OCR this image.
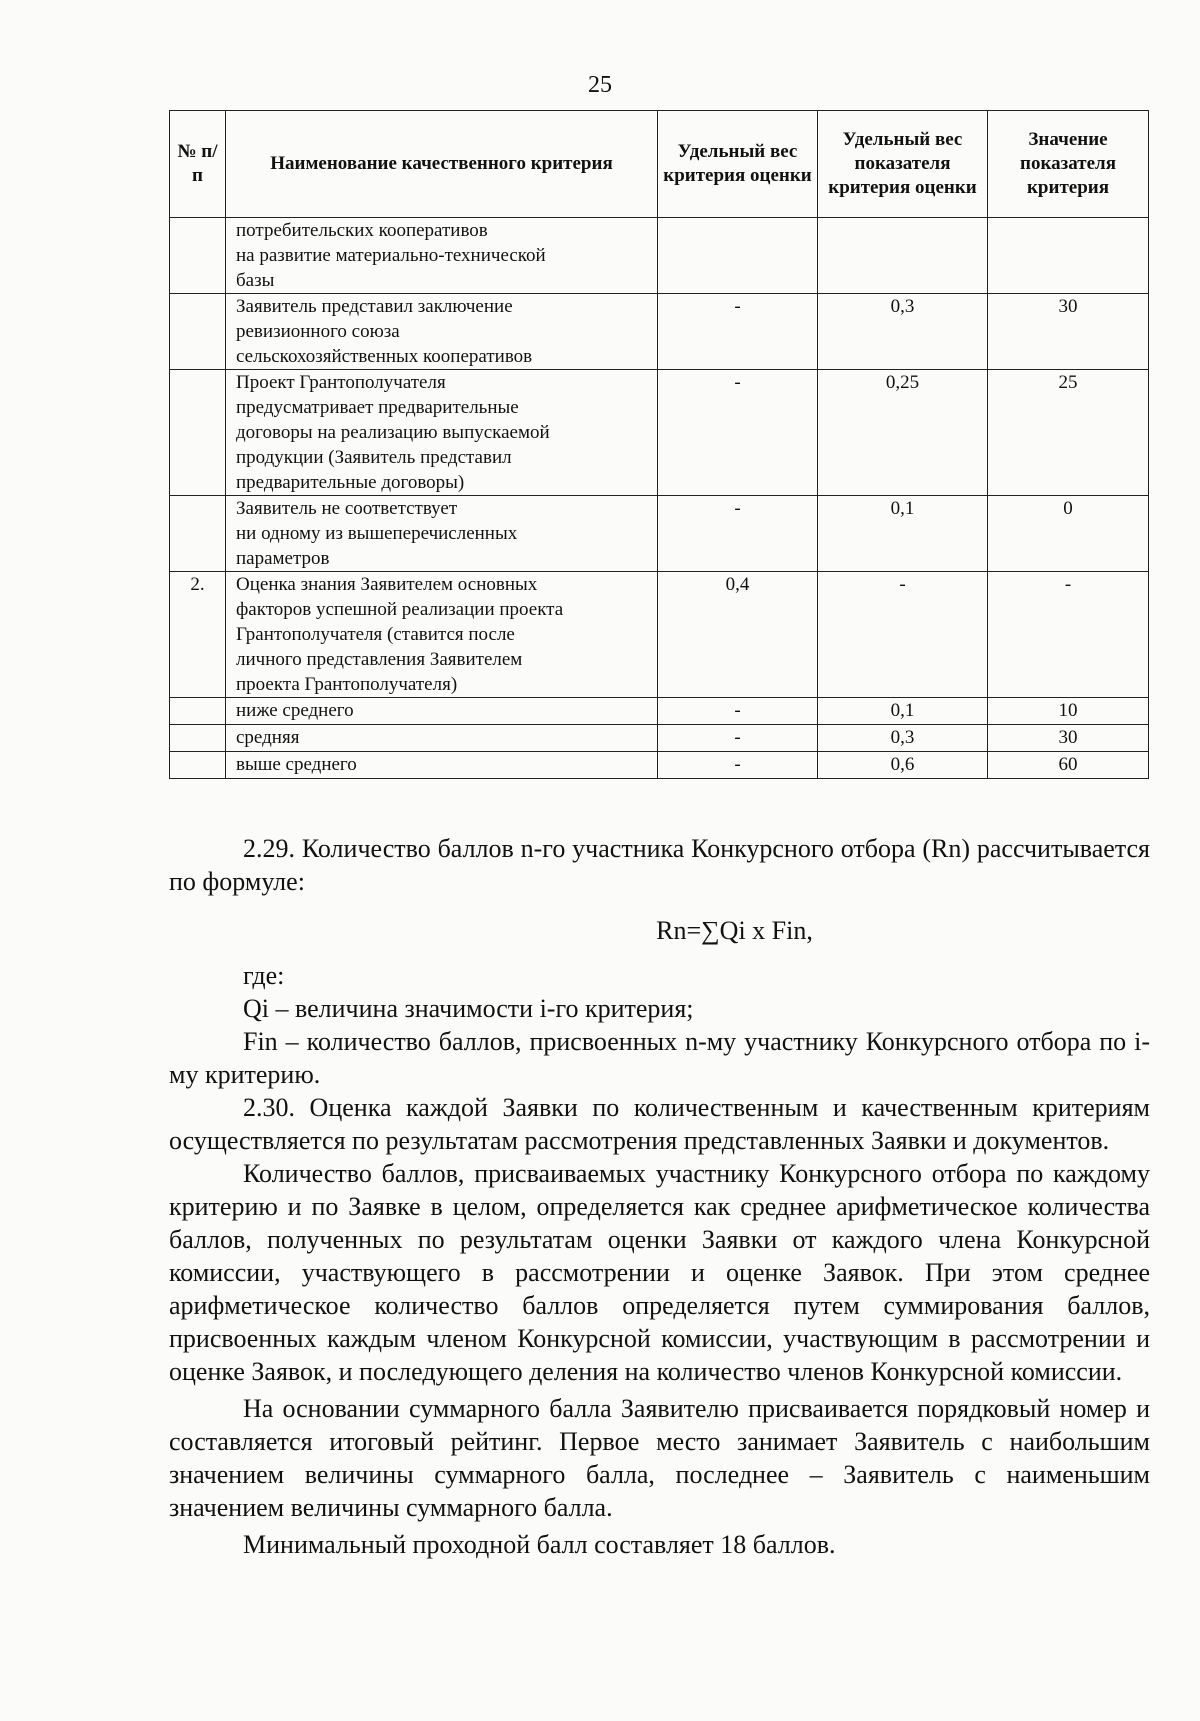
25
№ п/п	Наименование качественного критерия	Удельный вес критерия оценки	Удельный вес показателя критерия оценки	Значение показателя критерия

	потребительских кооперативов
на развитие материально-технической
базы			

	Заявитель представил заключение
ревизионного союза
сельскохозяйственных кооперативов	-	0,3	30

	Проект Грантополучателя
предусматривает предварительные
договоры на реализацию выпускаемой
продукции (Заявитель представил
предварительные договоры)	-	0,25	25

	Заявитель не соответствует
ни одному из вышеперечисленных
параметров	-	0,1	0
2.	Оценка знания Заявителем основных
факторов успешной реализации проекта
Грантополучателя (ставится после
личного представления Заявителем
проекта Грантополучателя)	0,4	-	-

	ниже среднего	-	0,1	10

	средняя	-	0,3	30

	выше среднего	-	0,6	60

2.29. Количество баллов n-го участника Конкурсного отбора (Rn) рассчитывается по формуле:

Rn=∑Qi x Fin,

где:

Qi – величина значимости i-го критерия;

Fin – количество баллов, присвоенных n-му участнику Конкурсного отбора по i-му критерию.

2.30. Оценка каждой Заявки по количественным и качественным критериям осуществляется по результатам рассмотрения представленных Заявки и документов.

Количество баллов, присваиваемых участнику Конкурсного отбора по каждому критерию и по Заявке в целом, определяется как среднее арифметическое количества баллов, полученных по результатам оценки Заявки от каждого члена Конкурсной комиссии, участвующего в рассмотрении и оценке Заявок. При этом среднее арифметическое количество баллов определяется путем суммирования баллов, присвоенных каждым членом Конкурсной комиссии, участвующим в рассмотрении и оценке Заявок, и последующего деления на количество членов Конкурсной комиссии.

На основании суммарного балла Заявителю присваивается порядковый номер и составляется итоговый рейтинг. Первое место занимает Заявитель с наибольшим значением величины суммарного балла, последнее – Заявитель с наименьшим значением величины суммарного балла.

Минимальный проходной балл составляет 18 баллов.
